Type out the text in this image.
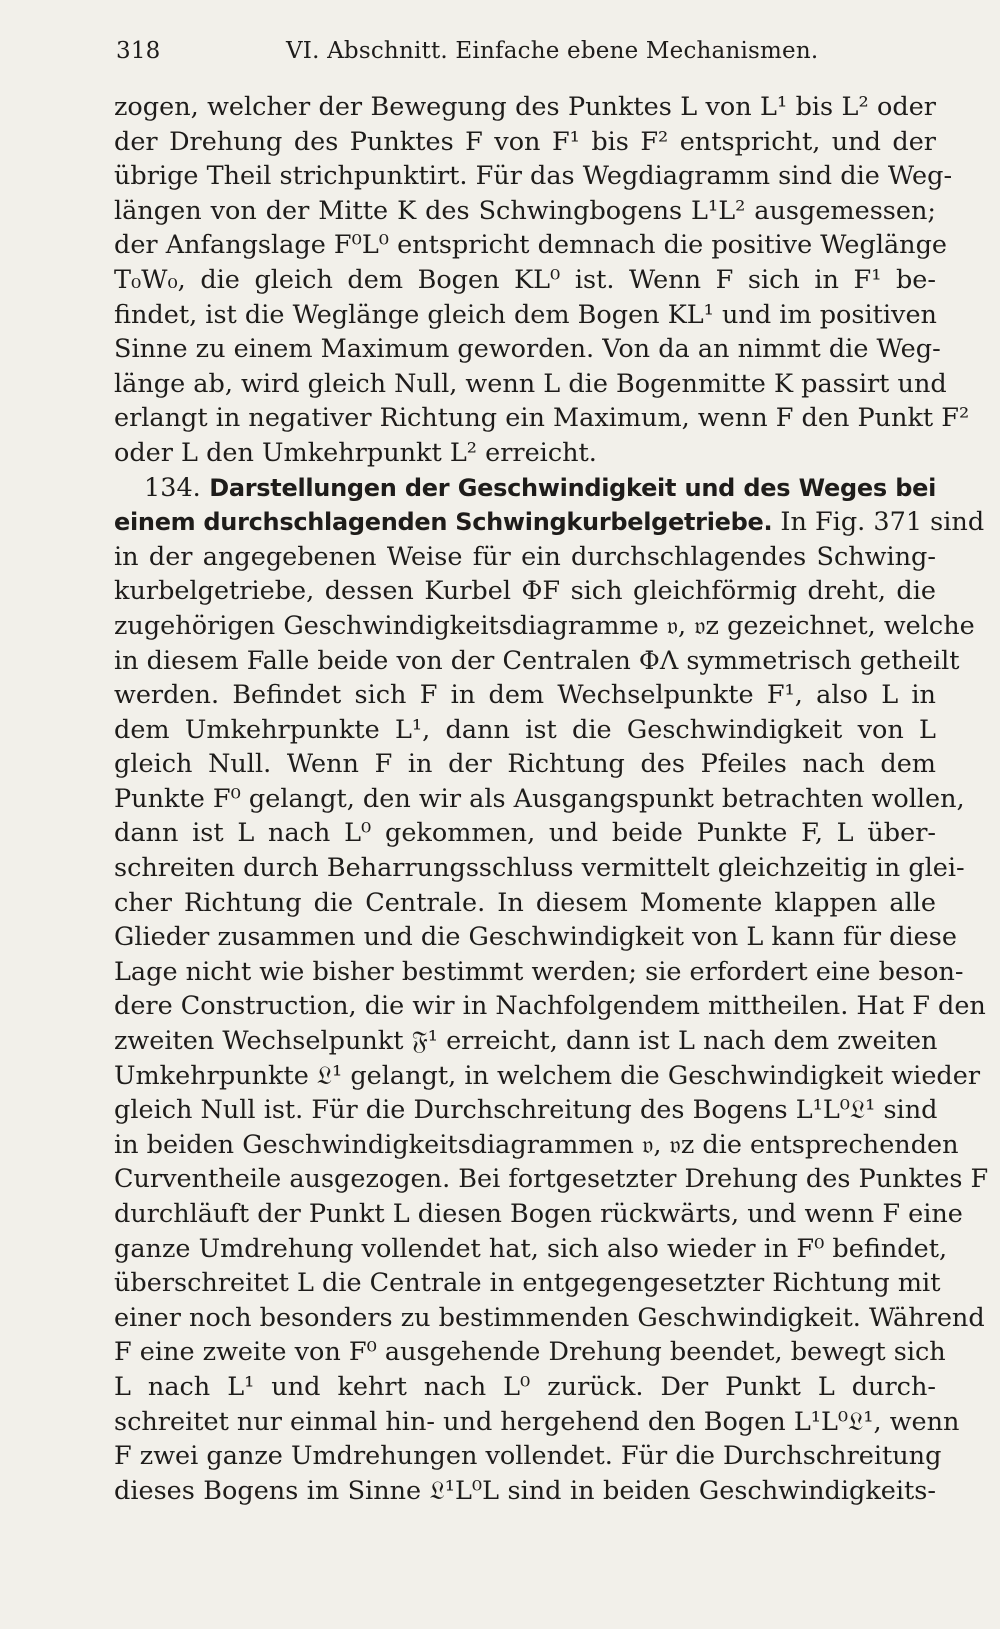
318	VI. Abschnitt. Einfache ebene Mechanismen.
zogen, welcher der Bewegung des Punktes L von L¹ bis L² oder
der Drehung des Punktes F von F¹ bis F² entspricht, und der
übrige Theil strichpunktirt. Für das Wegdiagramm sind die Weg-
längen von der Mitte K des Schwingbogens L¹L² ausgemessen;
der Anfangslage F⁰L⁰ entspricht demnach die positive Weglänge
T₀W₀, die gleich dem Bogen KL⁰ ist. Wenn F sich in F¹ be-
findet, ist die Weglänge gleich dem Bogen KL¹ und im positiven
Sinne zu einem Maximum geworden. Von da an nimmt die Weg-
länge ab, wird gleich Null, wenn L die Bogenmitte K passirt und
erlangt in negativer Richtung ein Maximum, wenn F den Punkt F²
oder L den Umkehrpunkt L² erreicht.
134. Darstellungen der Geschwindigkeit und des Weges bei
einem durchschlagenden Schwingkurbelgetriebe. In Fig. 371 sind
in der angegebenen Weise für ein durchschlagendes Schwing-
kurbelgetriebe, dessen Kurbel ΦF sich gleichförmig dreht, die
zugehörigen Geschwindigkeitsdiagramme 𝔳, 𝔳z gezeichnet, welche
in diesem Falle beide von der Centralen ΦΛ symmetrisch getheilt
werden. Befindet sich F in dem Wechselpunkte F¹, also L in
dem Umkehrpunkte L¹, dann ist die Geschwindigkeit von L
gleich Null. Wenn F in der Richtung des Pfeiles nach dem
Punkte F⁰ gelangt, den wir als Ausgangspunkt betrachten wollen,
dann ist L nach L⁰ gekommen, und beide Punkte F, L über-
schreiten durch Beharrungsschluss vermittelt gleichzeitig in glei-
cher Richtung die Centrale. In diesem Momente klappen alle
Glieder zusammen und die Geschwindigkeit von L kann für diese
Lage nicht wie bisher bestimmt werden; sie erfordert eine beson-
dere Construction, die wir in Nachfolgendem mittheilen. Hat F den
zweiten Wechselpunkt 𝔉¹ erreicht, dann ist L nach dem zweiten
Umkehrpunkte 𝔏¹ gelangt, in welchem die Geschwindigkeit wieder
gleich Null ist. Für die Durchschreitung des Bogens L¹L⁰𝔏¹ sind
in beiden Geschwindigkeitsdiagrammen 𝔳, 𝔳z die entsprechenden
Curventheile ausgezogen. Bei fortgesetzter Drehung des Punktes F
durchläuft der Punkt L diesen Bogen rückwärts, und wenn F eine
ganze Umdrehung vollendet hat, sich also wieder in F⁰ befindet,
überschreitet L die Centrale in entgegengesetzter Richtung mit
einer noch besonders zu bestimmenden Geschwindigkeit. Während
F eine zweite von F⁰ ausgehende Drehung beendet, bewegt sich
L nach L¹ und kehrt nach L⁰ zurück. Der Punkt L durch-
schreitet nur einmal hin- und hergehend den Bogen L¹L⁰𝔏¹, wenn
F zwei ganze Umdrehungen vollendet. Für die Durchschreitung
dieses Bogens im Sinne 𝔏¹L⁰L sind in beiden Geschwindigkeits-
